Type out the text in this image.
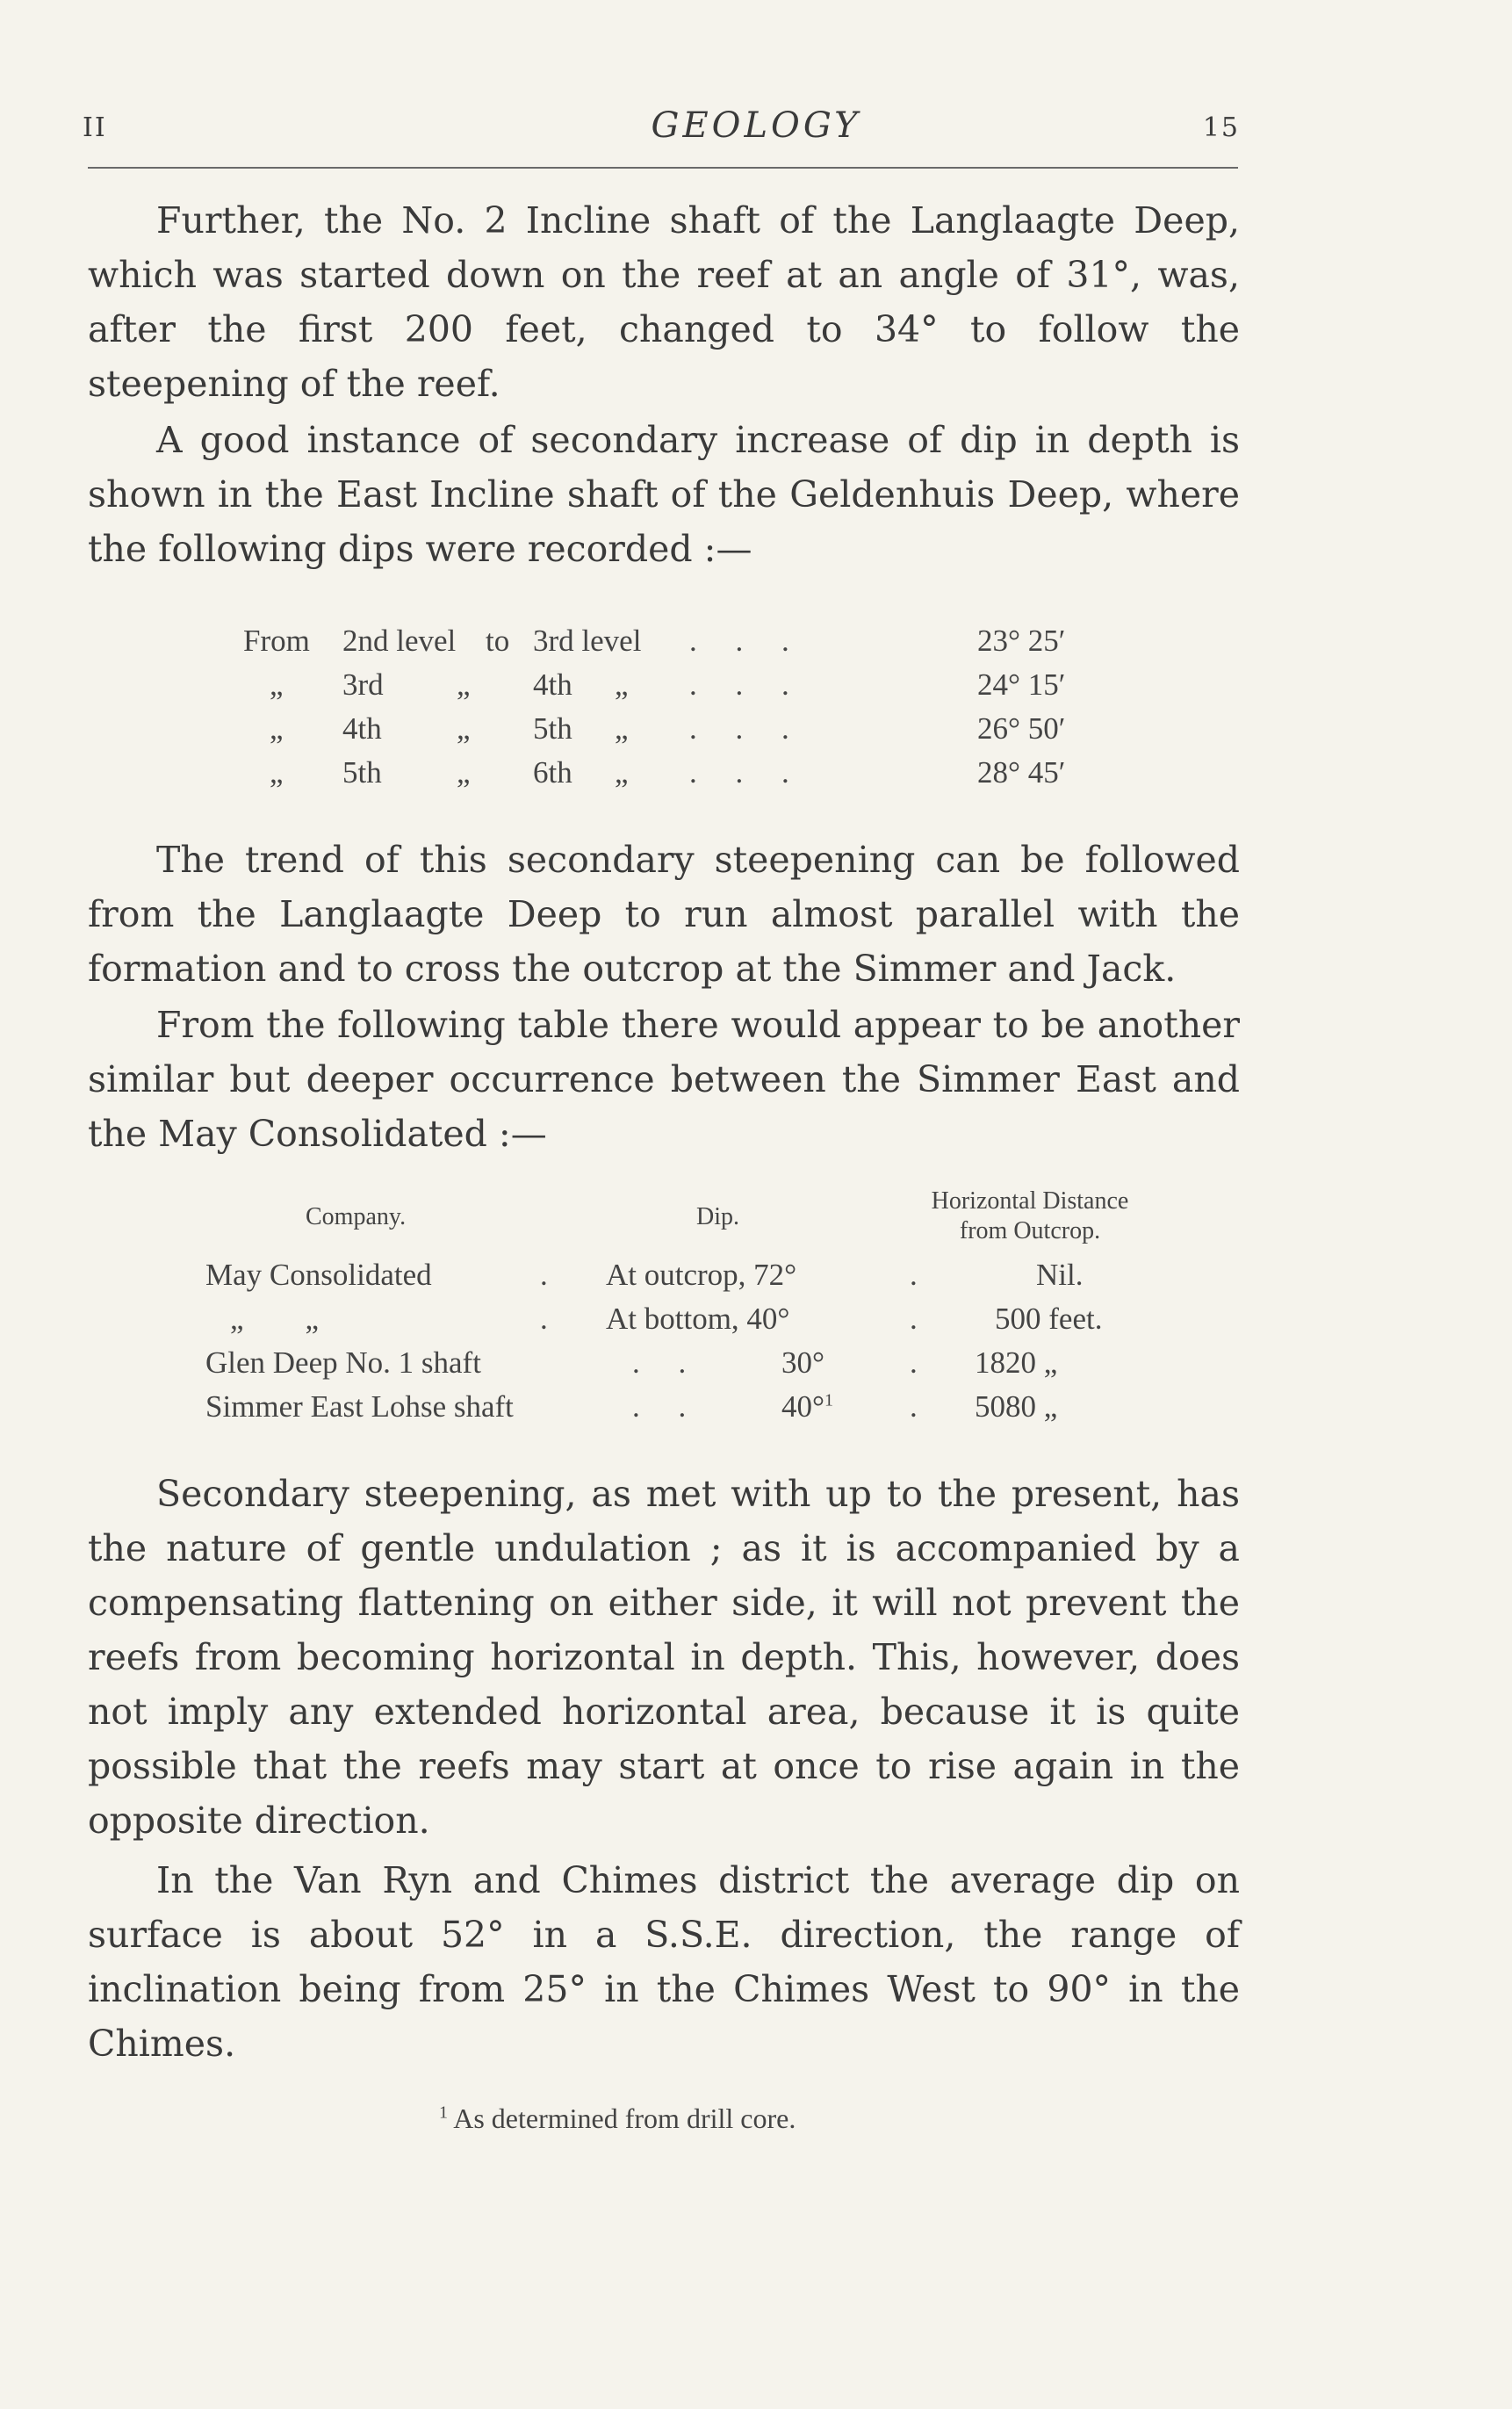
II	GEOLOGY	15

Further, the No. 2 Incline shaft of the Langlaagte Deep, which was started down on the reef at an angle of 31°, was, after the first 200 feet, changed to 34° to follow the steepening of the reef.

A good instance of secondary increase of dip in depth is shown in the East Incline shaft of the Geldenhuis Deep, where the following dips were recorded :—

From 2nd level to 3rd level .     .     .	23° 25′
„ 3rd „ 4th „ .     .     .	24° 15′
„ 4th „ 5th „ .     .     .	26° 50′
„ 5th „ 6th „ .     .     .	28° 45′

The trend of this secondary steepening can be followed from the Langlaagte Deep to run almost parallel with the formation and to cross the outcrop at the Simmer and Jack.

From the following table there would appear to be another similar but deeper occurrence between the Simmer East and the May Consolidated :—

Company.	Dip.
Horizontal Distance
from Outcrop.
May Consolidated	. At outcrop, 72°	.	Nil.
„        „	. At bottom, 40°	.	500 feet.
Glen Deep No. 1 shaft	.     .	30°	. 1820 „
Simmer East Lohse shaft	.     .	40°$^1$ . 5080 „

Secondary steepening, as met with up to the present, has the nature of gentle undulation ; as it is accompanied by a compensating flattening on either side, it will not prevent the reefs from becoming horizontal in depth. This, however, does not imply any extended horizontal area, because it is quite possible that the reefs may start at once to rise again in the opposite direction.

In the Van Ryn and Chimes district the average dip on surface is about 52° in a S.S.E. direction, the range of inclination being from 25° in the Chimes West to 90° in the Chimes.

$^1$ As determined from drill core.
